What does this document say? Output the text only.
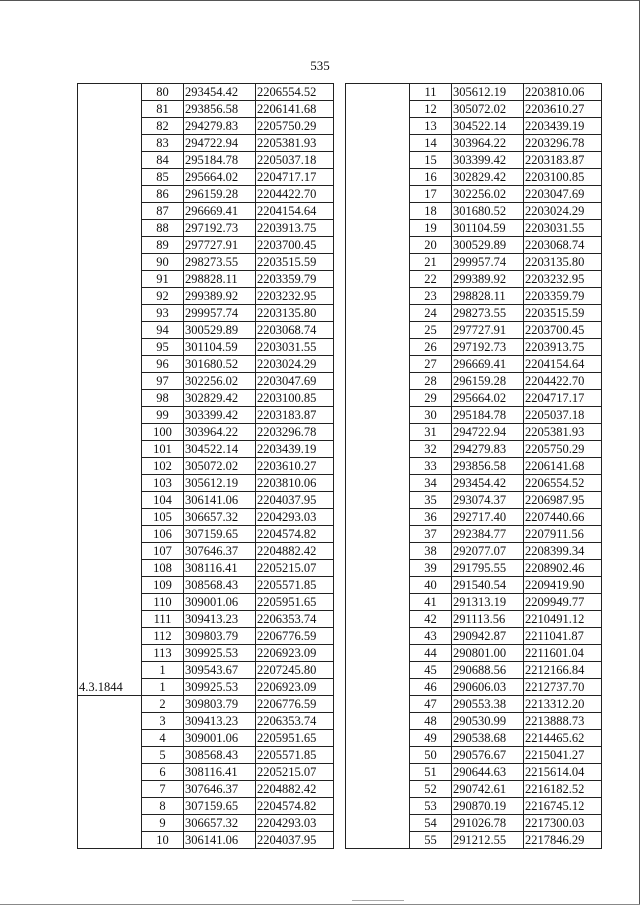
535
	80	293454.42	2206554.52
	81	293856.58	2206141.68
	82	294279.83	2205750.29
	83	294722.94	2205381.93
	84	295184.78	2205037.18
	85	295664.02	2204717.17
	86	296159.28	2204422.70
	87	296669.41	2204154.64
	88	297192.73	2203913.75
	89	297727.91	2203700.45
	90	298273.55	2203515.59
	91	298828.11	2203359.79
	92	299389.92	2203232.95
	93	299957.74	2203135.80
	94	300529.89	2203068.74
	95	301104.59	2203031.55
	96	301680.52	2203024.29
	97	302256.02	2203047.69
	98	302829.42	2203100.85
	99	303399.42	2203183.87
	100	303964.22	2203296.78
	101	304522.14	2203439.19
	102	305072.02	2203610.27
	103	305612.19	2203810.06
	104	306141.06	2204037.95
	105	306657.32	2204293.03
	106	307159.65	2204574.82
	107	307646.37	2204882.42
	108	308116.41	2205215.07
	109	308568.43	2205571.85
	110	309001.06	2205951.65
	111	309413.23	2206353.74
	112	309803.79	2206776.59
	113	309925.53	2206923.09
	1	309543.67	2207245.80
4.3.1844	1	309925.53	2206923.09
	2	309803.79	2206776.59
	3	309413.23	2206353.74
	4	309001.06	2205951.65
	5	308568.43	2205571.85
	6	308116.41	2205215.07
	7	307646.37	2204882.42
	8	307159.65	2204574.82
	9	306657.32	2204293.03
	10	306141.06	2204037.95
	11	305612.19	2203810.06
	12	305072.02	2203610.27
	13	304522.14	2203439.19
	14	303964.22	2203296.78
	15	303399.42	2203183.87
	16	302829.42	2203100.85
	17	302256.02	2203047.69
	18	301680.52	2203024.29
	19	301104.59	2203031.55
	20	300529.89	2203068.74
	21	299957.74	2203135.80
	22	299389.92	2203232.95
	23	298828.11	2203359.79
	24	298273.55	2203515.59
	25	297727.91	2203700.45
	26	297192.73	2203913.75
	27	296669.41	2204154.64
	28	296159.28	2204422.70
	29	295664.02	2204717.17
	30	295184.78	2205037.18
	31	294722.94	2205381.93
	32	294279.83	2205750.29
	33	293856.58	2206141.68
	34	293454.42	2206554.52
	35	293074.37	2206987.95
	36	292717.40	2207440.66
	37	292384.77	2207911.56
	38	292077.07	2208399.34
	39	291795.55	2208902.46
	40	291540.54	2209419.90
	41	291313.19	2209949.77
	42	291113.56	2210491.12
	43	290942.87	2211041.87
	44	290801.00	2211601.04
	45	290688.56	2212166.84
	46	290606.03	2212737.70
	47	290553.38	2213312.20
	48	290530.99	2213888.73
	49	290538.68	2214465.62
	50	290576.67	2215041.27
	51	290644.63	2215614.04
	52	290742.61	2216182.52
	53	290870.19	2216745.12
	54	291026.78	2217300.03
	55	291212.55	2217846.29
